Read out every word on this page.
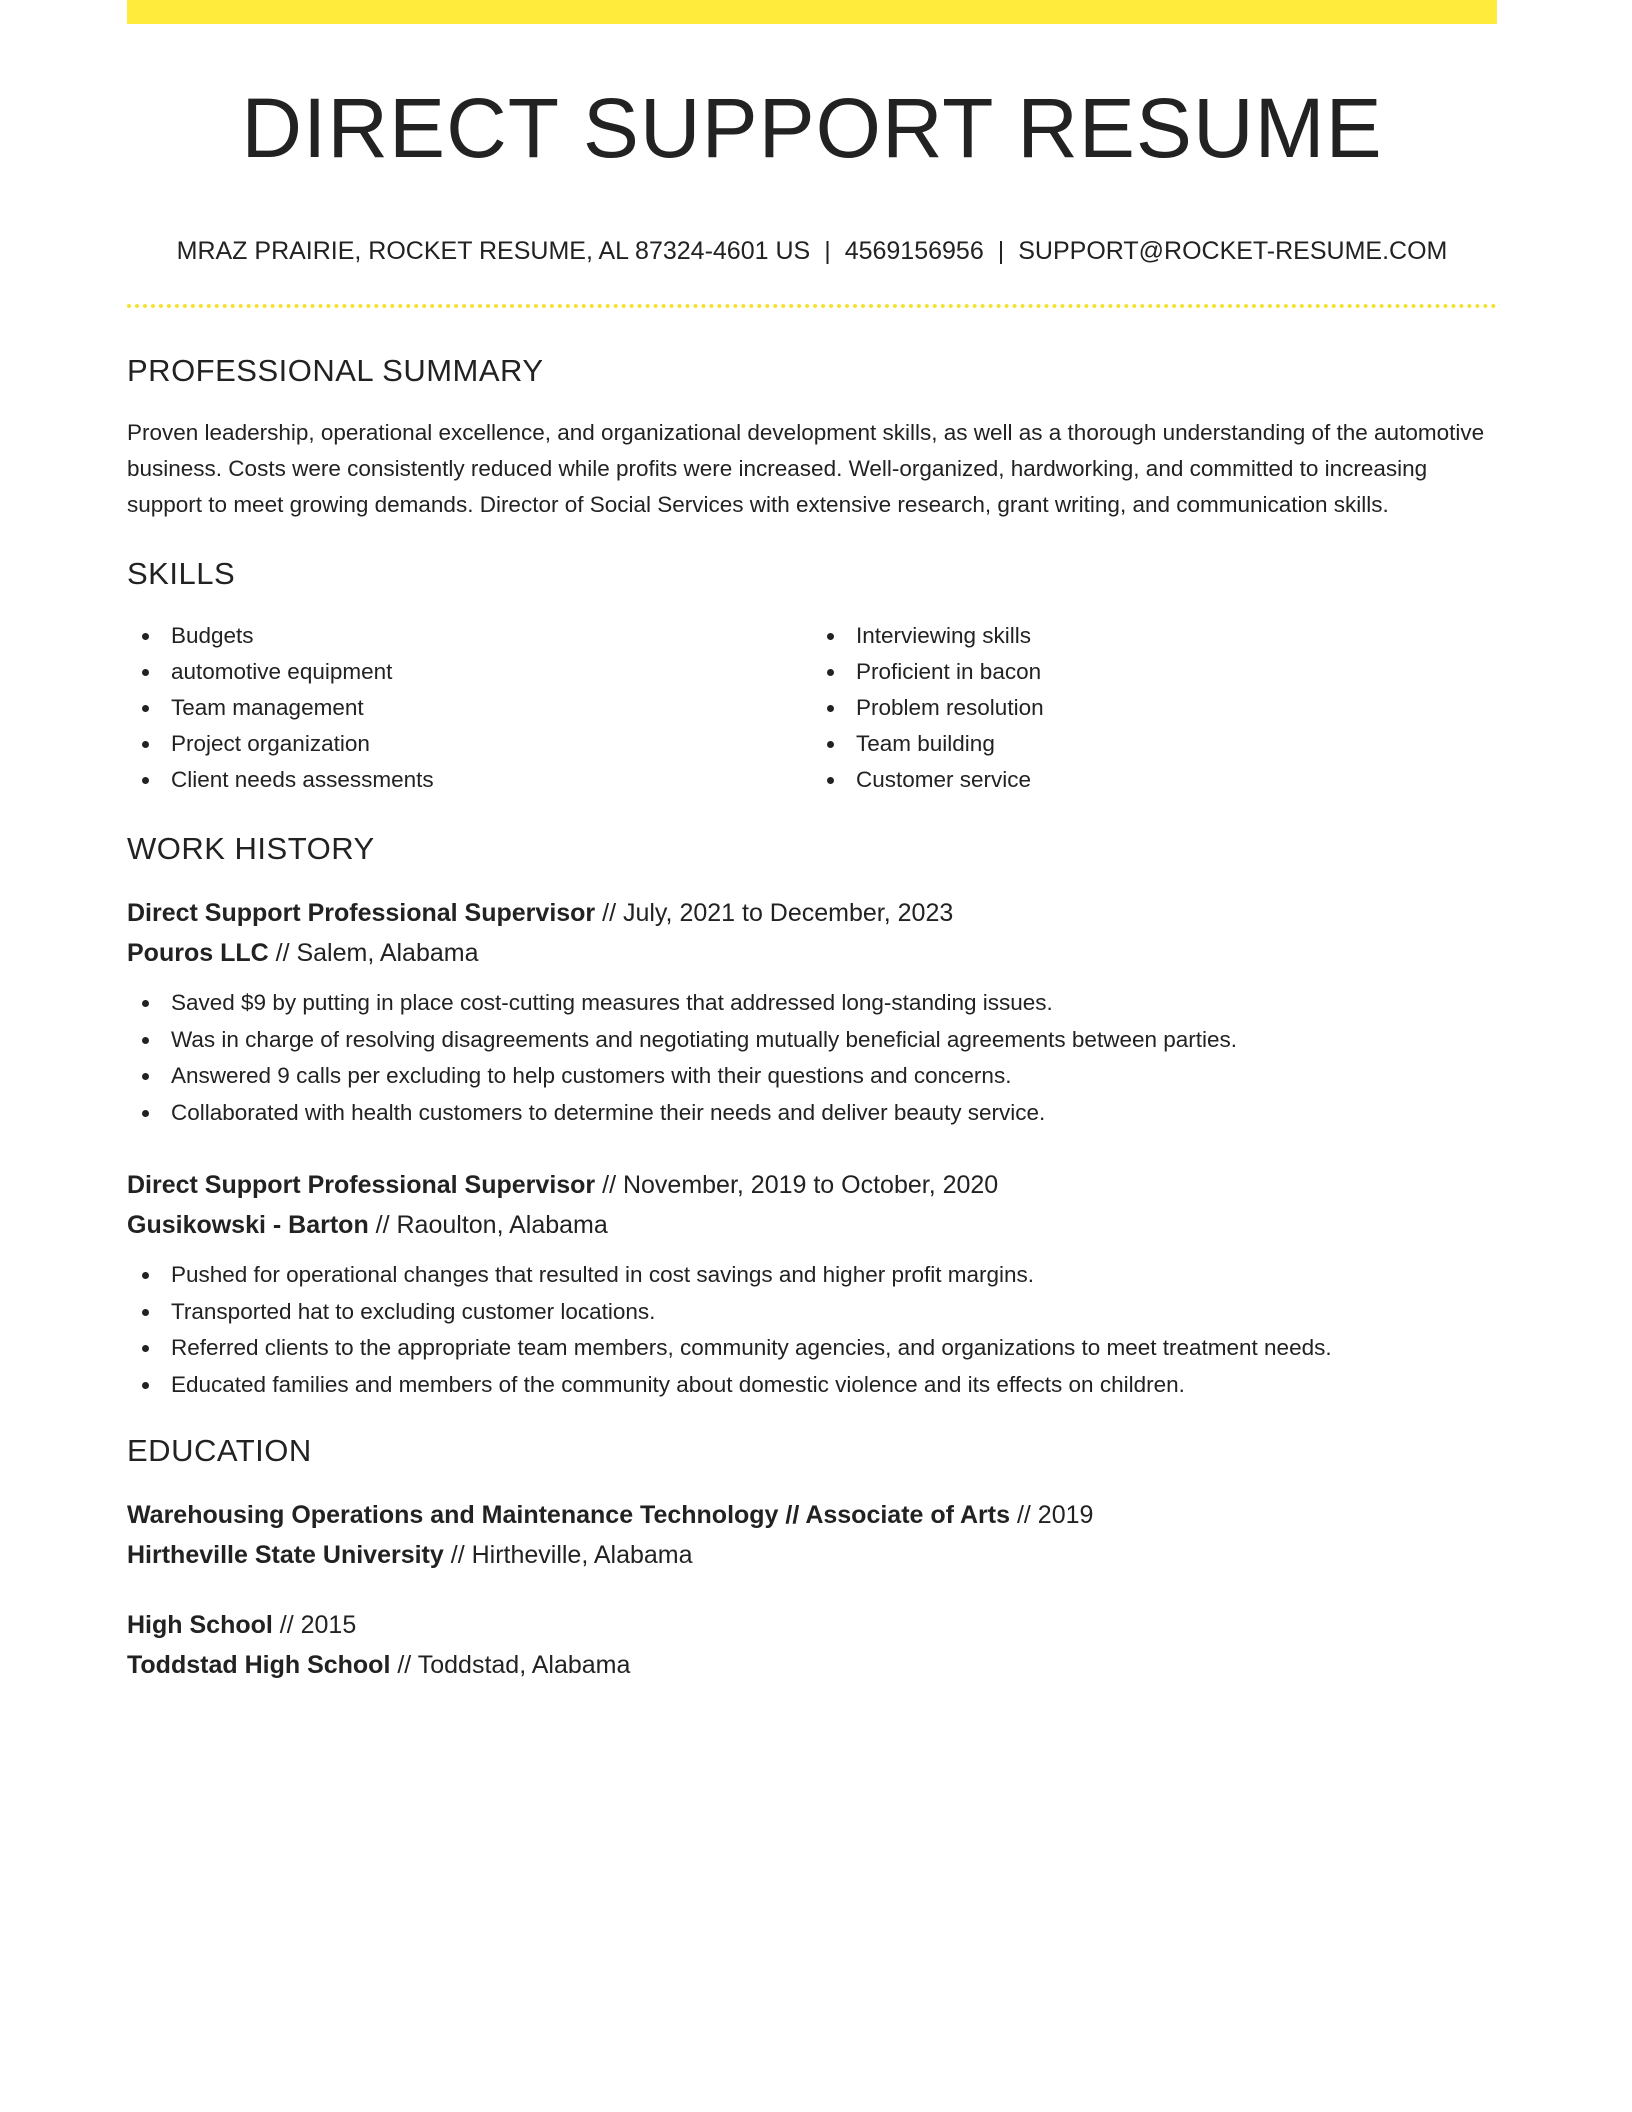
DIRECT SUPPORT RESUME
MRAZ PRAIRIE, ROCKET RESUME, AL 87324-4601 US | 4569156956 | SUPPORT@ROCKET-RESUME.COM
PROFESSIONAL SUMMARY

Proven leadership, operational excellence, and organizational development skills, as well as a thorough understanding of the automotive business. Costs were consistently reduced while profits were increased. Well-organized, hardworking, and committed to increasing support to meet growing demands. Director of Social Services with extensive research, grant writing, and communication skills.

SKILLS
Budgets
automotive equipment
Team management
Project organization
Client needs assessments
Interviewing skills
Proficient in bacon
Problem resolution
Team building
Customer service
WORK HISTORY
Direct Support Professional Supervisor // July, 2021 to December, 2023
Pouros LLC // Salem, Alabama
Saved $9 by putting in place cost-cutting measures that addressed long-standing issues.
Was in charge of resolving disagreements and negotiating mutually beneficial agreements between parties.
Answered 9 calls per excluding to help customers with their questions and concerns.
Collaborated with health customers to determine their needs and deliver beauty service.
Direct Support Professional Supervisor // November, 2019 to October, 2020
Gusikowski - Barton // Raoulton, Alabama
Pushed for operational changes that resulted in cost savings and higher profit margins.
Transported hat to excluding customer locations.
Referred clients to the appropriate team members, community agencies, and organizations to meet treatment needs.
Educated families and members of the community about domestic violence and its effects on children.
EDUCATION
Warehousing Operations and Maintenance Technology // Associate of Arts // 2019
Hirtheville State University // Hirtheville, Alabama
High School // 2015
Toddstad High School // Toddstad, Alabama
